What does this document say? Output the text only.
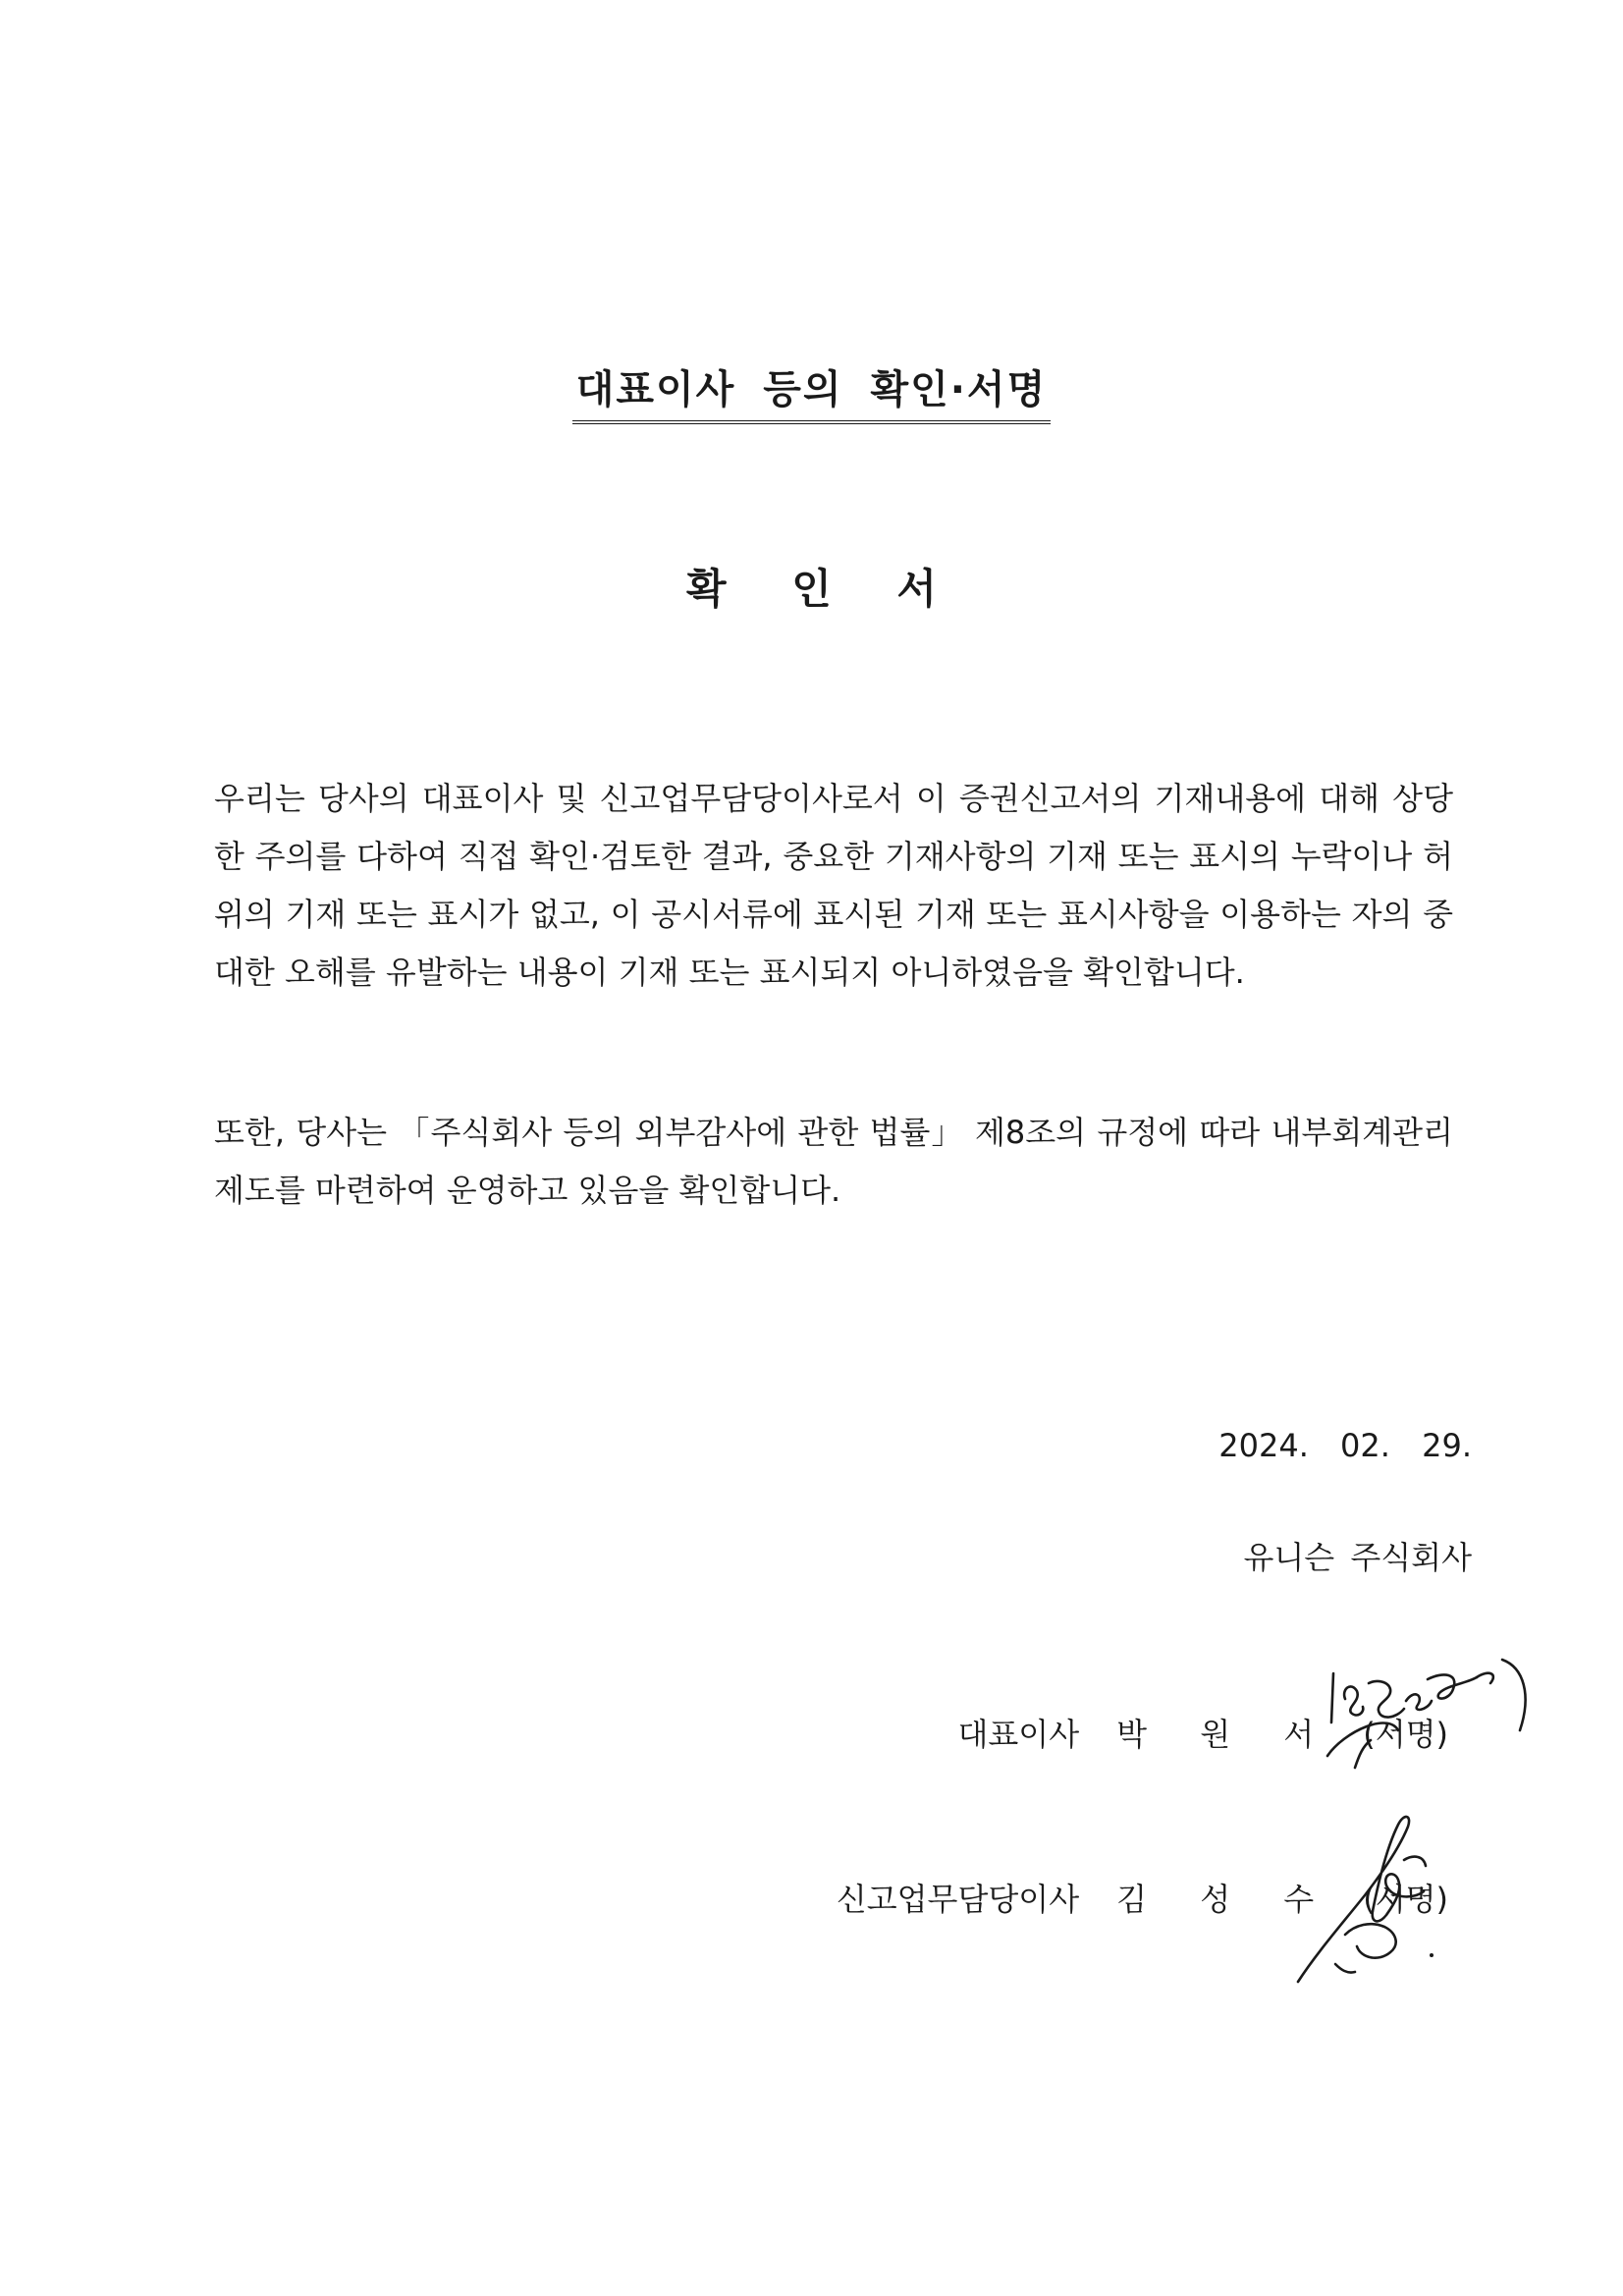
대표이사 등의 확인·서명
확 인 서

우리는 당사의 대표이사 및 신고업무담당이사로서 이 증권신고서의 기재내용에 대해 상당한 주의를 다하여 직접 확인·검토한 결과, 중요한 기재사항의 기재 또는 표시의 누락이나 허위의 기재 또는 표시가 없고, 이 공시서류에 표시된 기재 또는 표시사항을 이용하는 자의 중대한 오해를 유발하는 내용이 기재 또는 표시되지 아니하였음을 확인합니다.

또한, 당사는 「주식회사 등의 외부감사에 관한 법률」 제8조의 규정에 따라 내부회계관리제도를 마련하여 운영하고 있음을 확인합니다.

2024. 02. 29.
유니슨 주식회사
대표이사 박 원 서 (서명)
신고업무담당이사 김 성 수 (서명)
